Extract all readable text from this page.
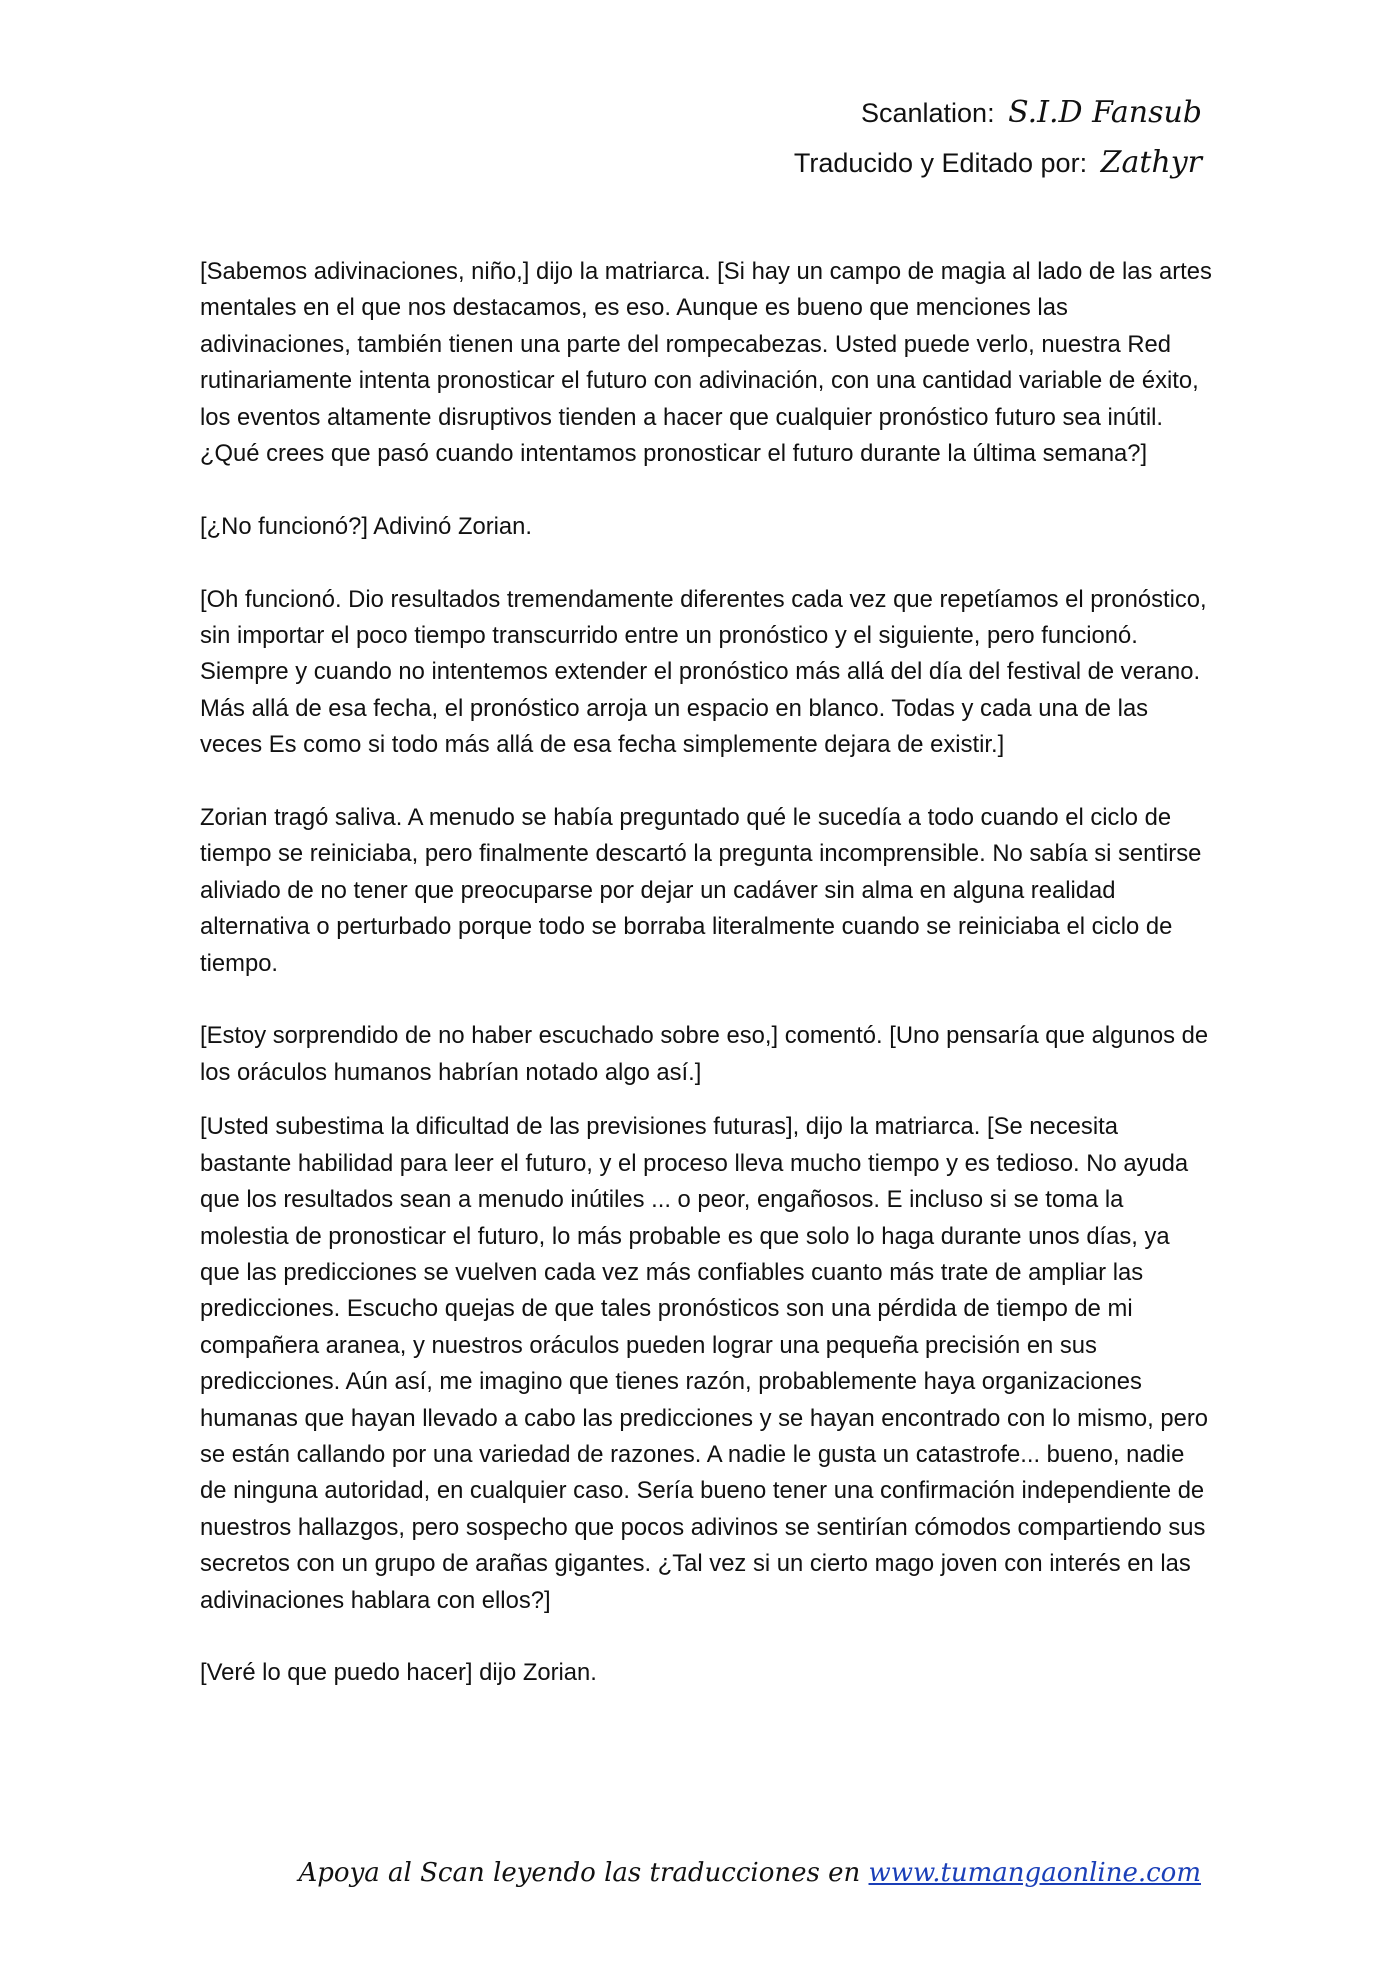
Scanlation: S.I.D Fansub
Traducido y Editado por: Zathyr

[Sabemos adivinaciones, niño,] dijo la matriarca. [Si hay un campo de magia al lado de las artes mentales en el que nos destacamos, es eso. Aunque es bueno que menciones las adivinaciones, también tienen una parte del rompecabezas. Usted puede verlo, nuestra Red rutinariamente intenta pronosticar el futuro con adivinación, con una cantidad variable de éxito, los eventos altamente disruptivos tienden a hacer que cualquier pronóstico futuro sea inútil. ¿Qué crees que pasó cuando intentamos pronosticar el futuro durante la última semana?]

[¿No funcionó?] Adivinó Zorian.

[Oh funcionó. Dio resultados tremendamente diferentes cada vez que repetíamos el pronóstico, sin importar el poco tiempo transcurrido entre un pronóstico y el siguiente, pero funcionó. Siempre y cuando no intentemos extender el pronóstico más allá del día del festival de verano. Más allá de esa fecha, el pronóstico arroja un espacio en blanco. Todas y cada una de las veces Es como si todo más allá de esa fecha simplemente dejara de existir.]

Zorian tragó saliva. A menudo se había preguntado qué le sucedía a todo cuando el ciclo de tiempo se reiniciaba, pero finalmente descartó la pregunta incomprensible. No sabía si sentirse aliviado de no tener que preocuparse por dejar un cadáver sin alma en alguna realidad alternativa o perturbado porque todo se borraba literalmente cuando se reiniciaba el ciclo de tiempo.

[Estoy sorprendido de no haber escuchado sobre eso,] comentó. [Uno pensaría que algunos de los oráculos humanos habrían notado algo así.]

[Usted subestima la dificultad de las previsiones futuras], dijo la matriarca. [Se necesita bastante habilidad para leer el futuro, y el proceso lleva mucho tiempo y es tedioso. No ayuda que los resultados sean a menudo inútiles ... o peor, engañosos. E incluso si se toma la molestia de pronosticar el futuro, lo más probable es que solo lo haga durante unos días, ya que las predicciones se vuelven cada vez más confiables cuanto más trate de ampliar las predicciones. Escucho quejas de que tales pronósticos son una pérdida de tiempo de mi compañera aranea, y nuestros oráculos pueden lograr una pequeña precisión en sus predicciones. Aún así, me imagino que tienes razón, probablemente haya organizaciones humanas que hayan llevado a cabo las predicciones y se hayan encontrado con lo mismo, pero se están callando por una variedad de razones. A nadie le gusta un catastrofe... bueno, nadie de ninguna autoridad, en cualquier caso. Sería bueno tener una confirmación independiente de nuestros hallazgos, pero sospecho que pocos adivinos se sentirían cómodos compartiendo sus secretos con un grupo de arañas gigantes. ¿Tal vez si un cierto mago joven con interés en las adivinaciones hablara con ellos?]

[Veré lo que puedo hacer] dijo Zorian.

Apoya al Scan leyendo las traducciones en www.tumangaonline.com
